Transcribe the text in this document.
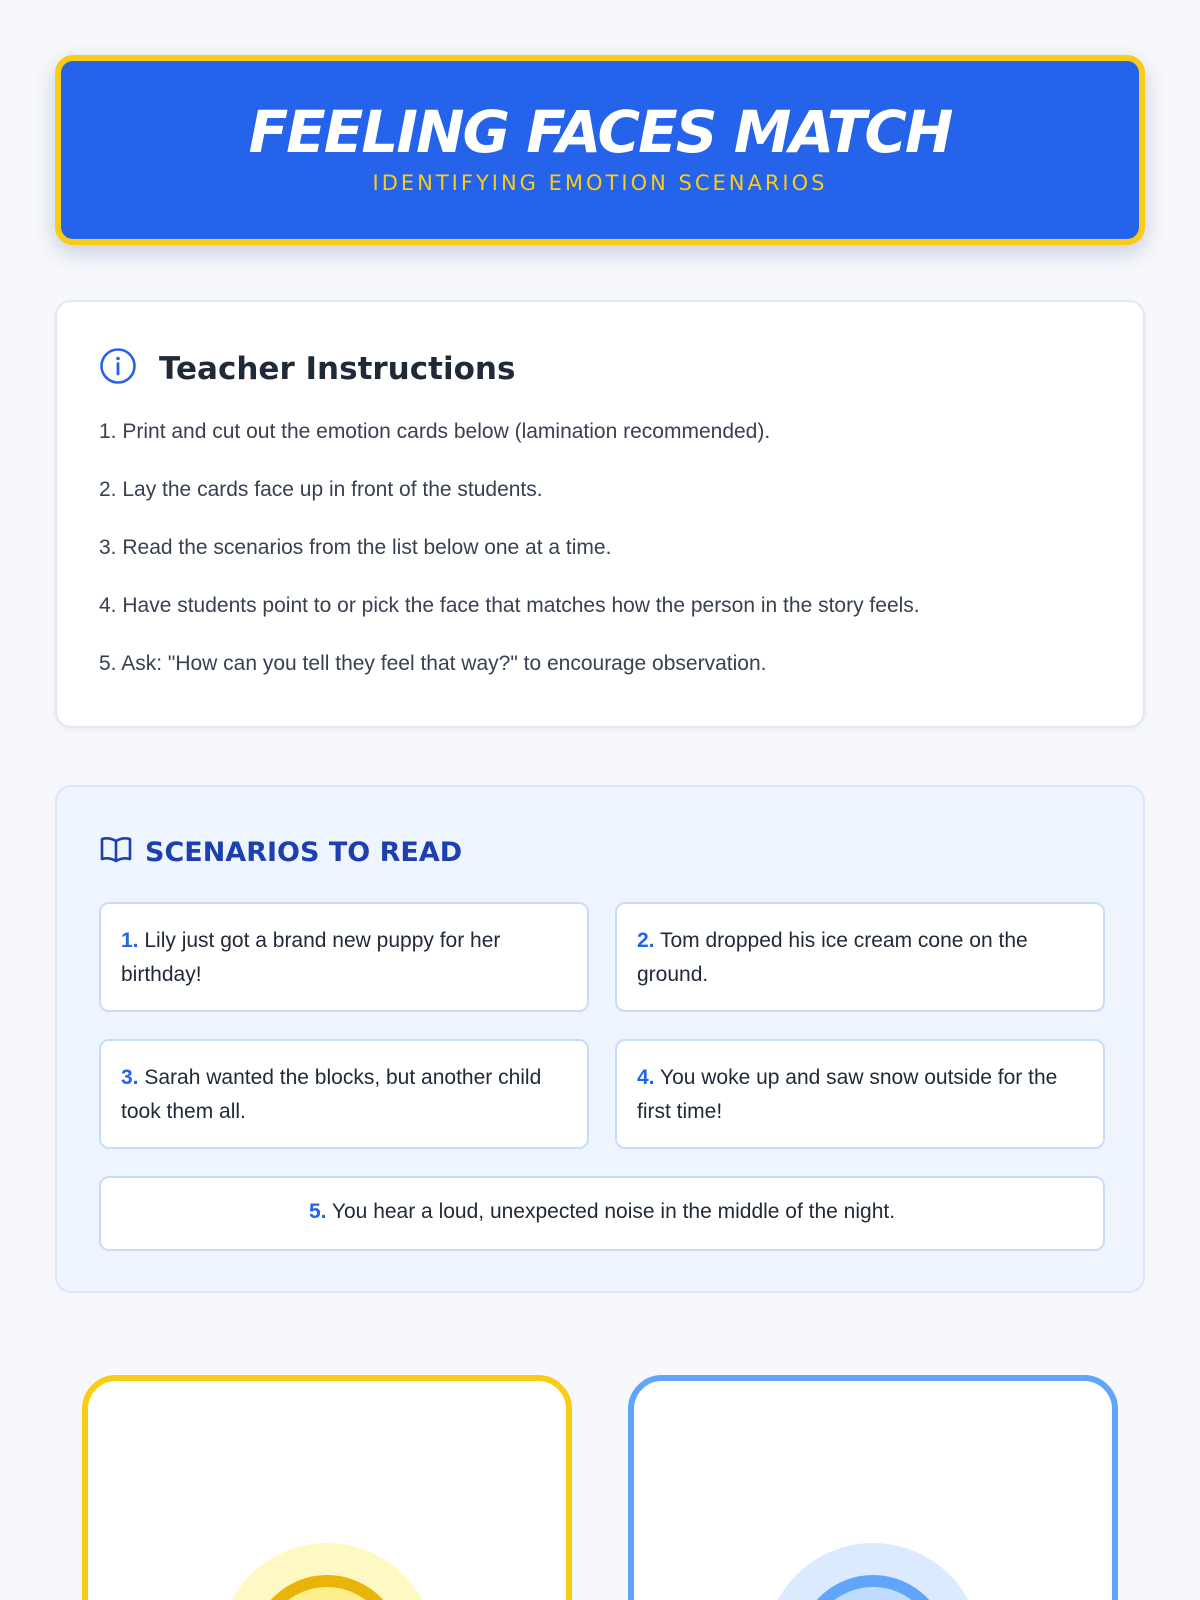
FEELING FACES MATCH
IDENTIFYING EMOTION SCENARIOS
Teacher Instructions
1. Print and cut out the emotion cards below (lamination recommended).
2. Lay the cards face up in front of the students.
3. Read the scenarios from the list below one at a time.
4. Have students point to or pick the face that matches how the person in the story feels.
5. Ask: "How can you tell they feel that way?" to encourage observation.
SCENARIOS TO READ
1. Lily just got a brand new puppy for her birthday!
2. Tom dropped his ice cream cone on the ground.
3. Sarah wanted the blocks, but another child took them all.
4. You woke up and saw snow outside for the first time!
5. You hear a loud, unexpected noise in the middle of the night.
